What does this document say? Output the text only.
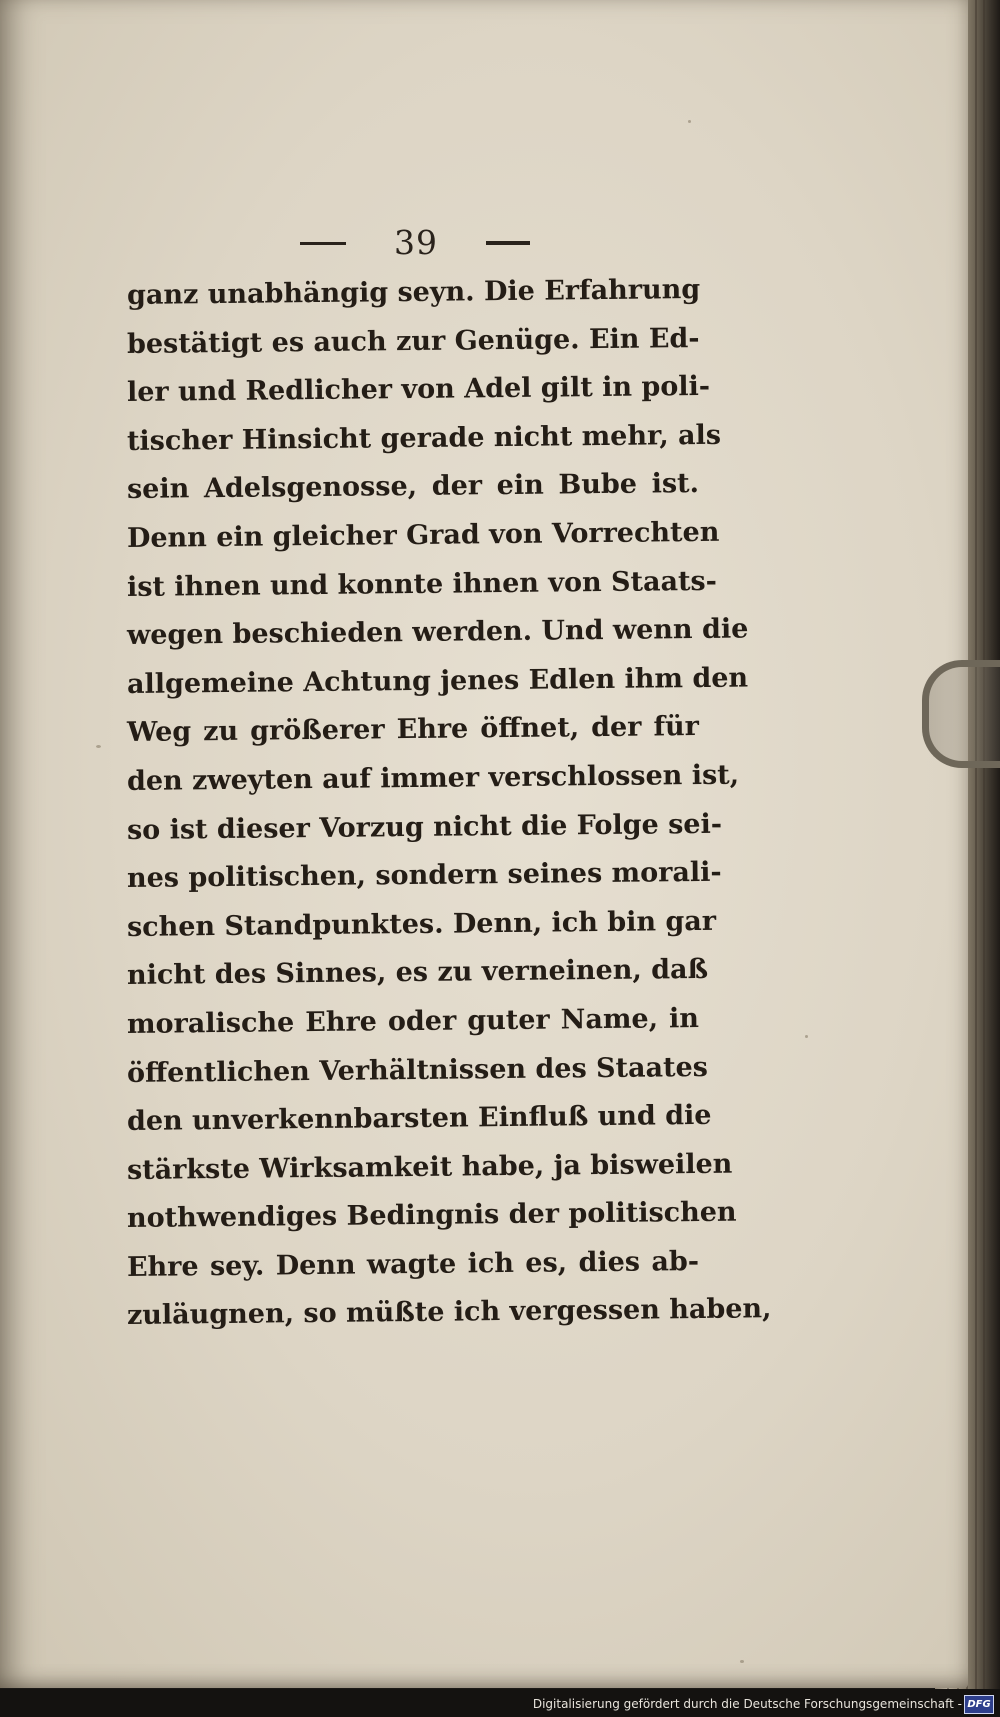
39
ganz unabhängig seyn. Die Erfahrung
bestätigt es auch zur Genüge. Ein Ed-
ler und Redlicher von Adel gilt in poli-
tischer Hinsicht gerade nicht mehr, als
sein Adelsgenosse, der ein Bube ist.
Denn ein gleicher Grad von Vorrechten
ist ihnen und konnte ihnen von Staats-
wegen beschieden werden. Und wenn die
allgemeine Achtung jenes Edlen ihm den
Weg zu größerer Ehre öffnet, der für
den zweyten auf immer verschlossen ist,
so ist dieser Vorzug nicht die Folge sei-
nes politischen, sondern seines morali-
schen Standpunktes. Denn, ich bin gar
nicht des Sinnes, es zu verneinen, daß
moralische Ehre oder guter Name, in
öffentlichen Verhältnissen des Staates
den unverkennbarsten Einfluß und die
stärkste Wirksamkeit habe, ja bisweilen
nothwendiges Bedingnis der politischen
Ehre sey. Denn wagte ich es, dies ab-
zuläugnen, so müßte ich vergessen haben,
Digitalisierung gefördert durch die Deutsche Forschungsgemeinschaft - DFG
